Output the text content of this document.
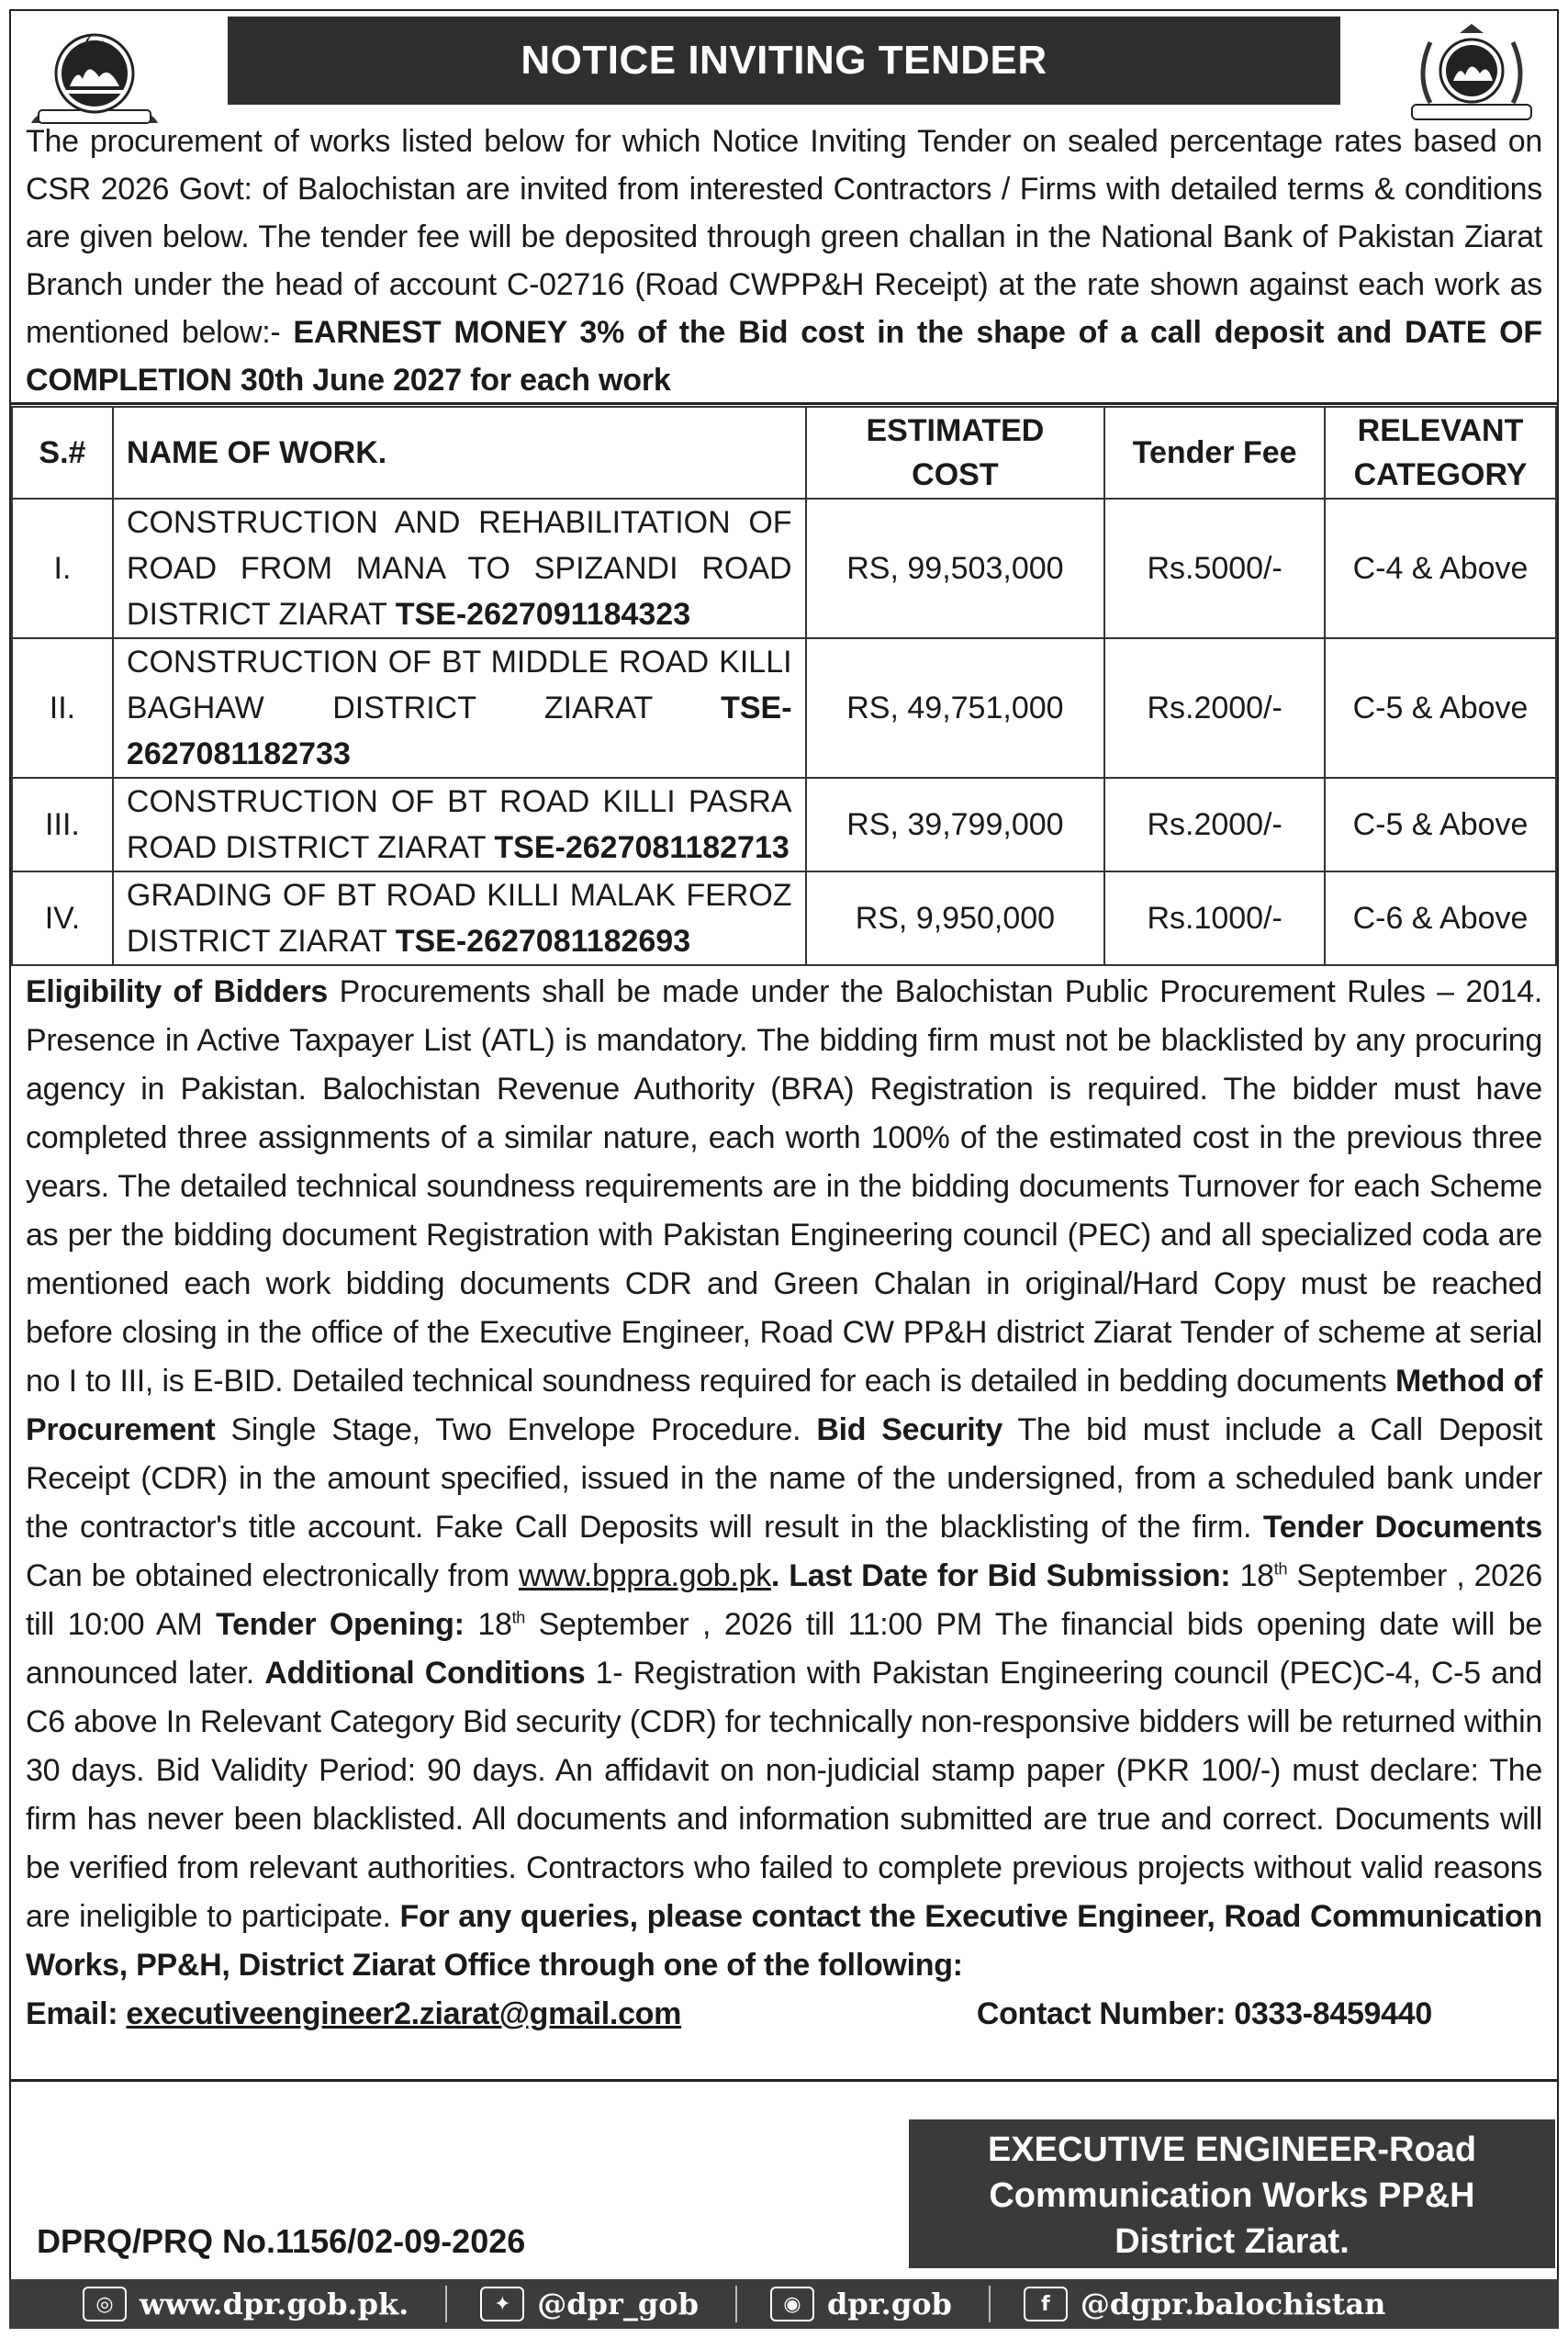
NOTICE INVITING TENDER
The procurement of works listed below for which Notice Inviting Tender on sealed percentage rates based on CSR 2026 Govt: of Balochistan are invited from interested Contractors / Firms with detailed terms & conditions are given below. The tender fee will be deposited through green challan in the National Bank of Pakistan Ziarat Branch under the head of account C-02716 (Road CWPP&H Receipt) at the rate shown against each work as mentioned below:- EARNEST MONEY 3% of the Bid cost in the shape of a call deposit and DATE OF COMPLETION 30th June 2027 for each work
S.#	NAME OF WORK.	ESTIMATED COST	Tender Fee	RELEVANT CATEGORY
I.	CONSTRUCTION AND REHABILITATION OF ROAD FROM MANA TO SPIZANDI ROAD DISTRICT ZIARAT TSE-2627091184323	RS, 99,503,000	Rs.5000/-	C-4 & Above
II.	CONSTRUCTION OF BT MIDDLE ROAD KILLI BAGHAW DISTRICT ZIARAT TSE-2627081182733	RS, 49,751,000	Rs.2000/-	C-5 & Above
III.	CONSTRUCTION OF BT ROAD KILLI PASRA ROAD DISTRICT ZIARAT TSE-2627081182713	RS, 39,799,000	Rs.2000/-	C-5 & Above
IV.	GRADING OF BT ROAD KILLI MALAK FEROZ DISTRICT ZIARAT TSE-2627081182693	RS, 9,950,000	Rs.1000/-	C-6 & Above
Eligibility of Bidders Procurements shall be made under the Balochistan Public Procurement Rules – 2014. Presence in Active Taxpayer List (ATL) is mandatory. The bidding firm must not be blacklisted by any procuring agency in Pakistan. Balochistan Revenue Authority (BRA) Registration is required. The bidder must have completed three assignments of a similar nature, each worth 100% of the estimated cost in the previous three years. The detailed technical soundness requirements are in the bidding documents Turnover for each Scheme as per the bidding document Registration with Pakistan Engineering council (PEC) and all specialized coda are mentioned each work bidding documents CDR and Green Chalan in original/Hard Copy must be reached before closing in the office of the Executive Engineer, Road CW PP&H district Ziarat Tender of scheme at serial no I to III, is E-BID. Detailed technical soundness required for each is detailed in bedding documents Method of Procurement Single Stage, Two Envelope Procedure. Bid Security The bid must include a Call Deposit Receipt (CDR) in the amount specified, issued in the name of the undersigned, from a scheduled bank under the contractor's title account. Fake Call Deposits will result in the blacklisting of the firm. Tender Documents Can be obtained electronically from www.bppra.gob.pk. Last Date for Bid Submission: 18th September , 2026 till 10:00 AM Tender Opening: 18th September , 2026 till 11:00 PM The financial bids opening date will be announced later. Additional Conditions 1- Registration with Pakistan Engineering council (PEC)C-4, C-5 and C6 above In Relevant Category Bid security (CDR) for technically non-responsive bidders will be returned within 30 days. Bid Validity Period: 90 days. An affidavit on non-judicial stamp paper (PKR 100/-) must declare: The firm has never been blacklisted. All documents and information submitted are true and correct. Documents will be verified from relevant authorities. Contractors who failed to complete previous projects without valid reasons are ineligible to participate. For any queries, please contact the Executive Engineer, Road Communication Works, PP&H, District Ziarat Office through one of the following:
Email: executiveengineer2.ziarat@gmail.com	Contact Number: 0333-8459440
EXECUTIVE ENGINEER-Road
Communication Works PP&H
District Ziarat.
DPRQ/PRQ No.1156/02-09-2026
◎ www.dpr.gob.pk.	✦ @dpr_gob	◉ dpr.gob	f	@dgpr.balochistan
